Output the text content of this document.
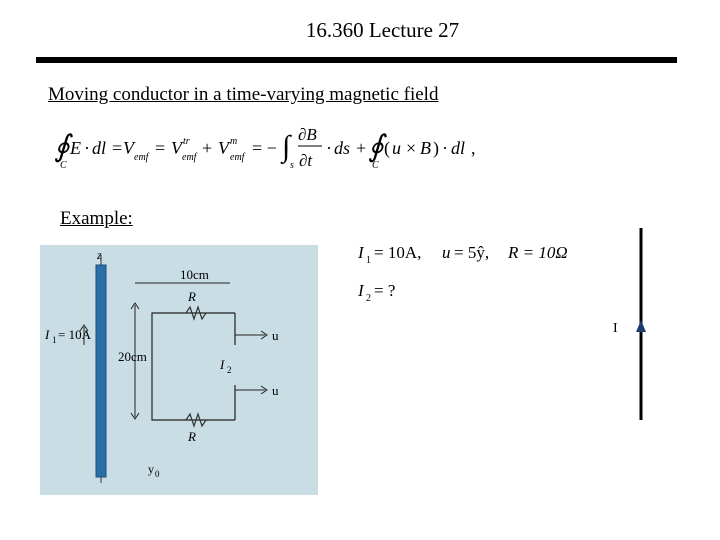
16.360 Lecture 27
Moving conductor in a time-varying magnetic field
∮
C
E · dl = V emf = V tr
emf + V m
emf = − ∫
s
∂B
∂t
· ds + ∮
C
( u × B ) · dl ,
Example:
z
I 1 = 10A
10cm
20cm
R
R
u
u
I 2
y 0
I 1 = 10A, u = 5ŷ, R = 10Ω
I 2 = ?
I
